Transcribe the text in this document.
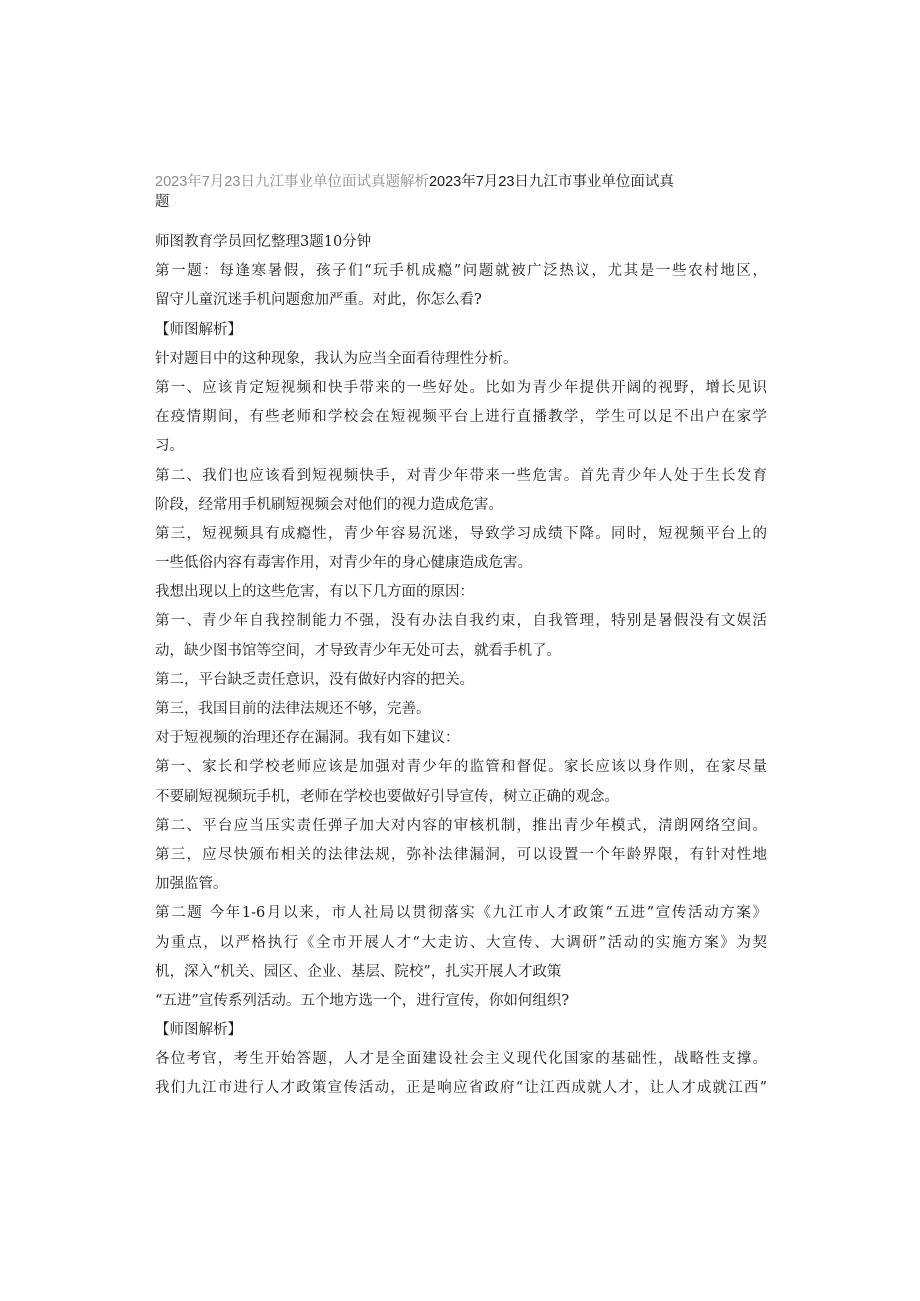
2023年7月23日九江事业单位面试真题解析2023年7月23日九江市事业单位面试真
题
师图教育学员回忆整理3题10分钟
第一题：每逢寒暑假，孩子们“玩手机成瘾”问题就被广泛热议，尤其是一些农村地区，
留守儿童沉迷手机问题愈加严重。对此，你怎么看?
【师图解析】
针对题目中的这种现象，我认为应当全面看待理性分析。
第一、应该肯定短视频和快手带来的一些好处。比如为青少年提供开阔的视野，增长见识
在疫情期间，有些老师和学校会在短视频平台上进行直播教学，学生可以足不出户在家学
习。
第二、我们也应该看到短视频快手，对青少年带来一些危害。首先青少年人处于生长发育
阶段，经常用手机刷短视频会对他们的视力造成危害。
第三，短视频具有成瘾性，青少年容易沉迷，导致学习成绩下降。同时，短视频平台上的
一些低俗内容有毒害作用，对青少年的身心健康造成危害。
我想出现以上的这些危害，有以下几方面的原因：
第一、青少年自我控制能力不强，没有办法自我约束，自我管理，特别是暑假没有文娱活
动，缺少图书馆等空间，才导致青少年无处可去，就看手机了。
第二，平台缺乏责任意识，没有做好内容的把关。
第三，我国目前的法律法规还不够，完善。
对于短视频的治理还存在漏洞。我有如下建议：
第一、家长和学校老师应该是加强对青少年的监管和督促。家长应该以身作则，在家尽量
不要刷短视频玩手机，老师在学校也要做好引导宣传，树立正确的观念。
第二、平台应当压实责任弹子加大对内容的审核机制，推出青少年模式，清朗网络空间。
第三，应尽快颁布相关的法律法规，弥补法律漏洞，可以设置一个年龄界限，有针对性地
加强监管。
第二题 今年1-6月以来，市人社局以贯彻落实《九江市人才政策“五进”宣传活动方案》
为重点，以严格执行《全市开展人才“大走访、大宣传、大调研”活动的实施方案》为契
机，深入“机关、园区、企业、基层、院校”，扎实开展人才政策
“五进”宣传系列活动。五个地方选一个，进行宣传，你如何组织?
【师图解析】
各位考官，考生开始答题，人才是全面建设社会主义现代化国家的基础性，战略性支撑。
我们九江市进行人才政策宣传活动，正是响应省政府“让江西成就人才，让人才成就江西”
